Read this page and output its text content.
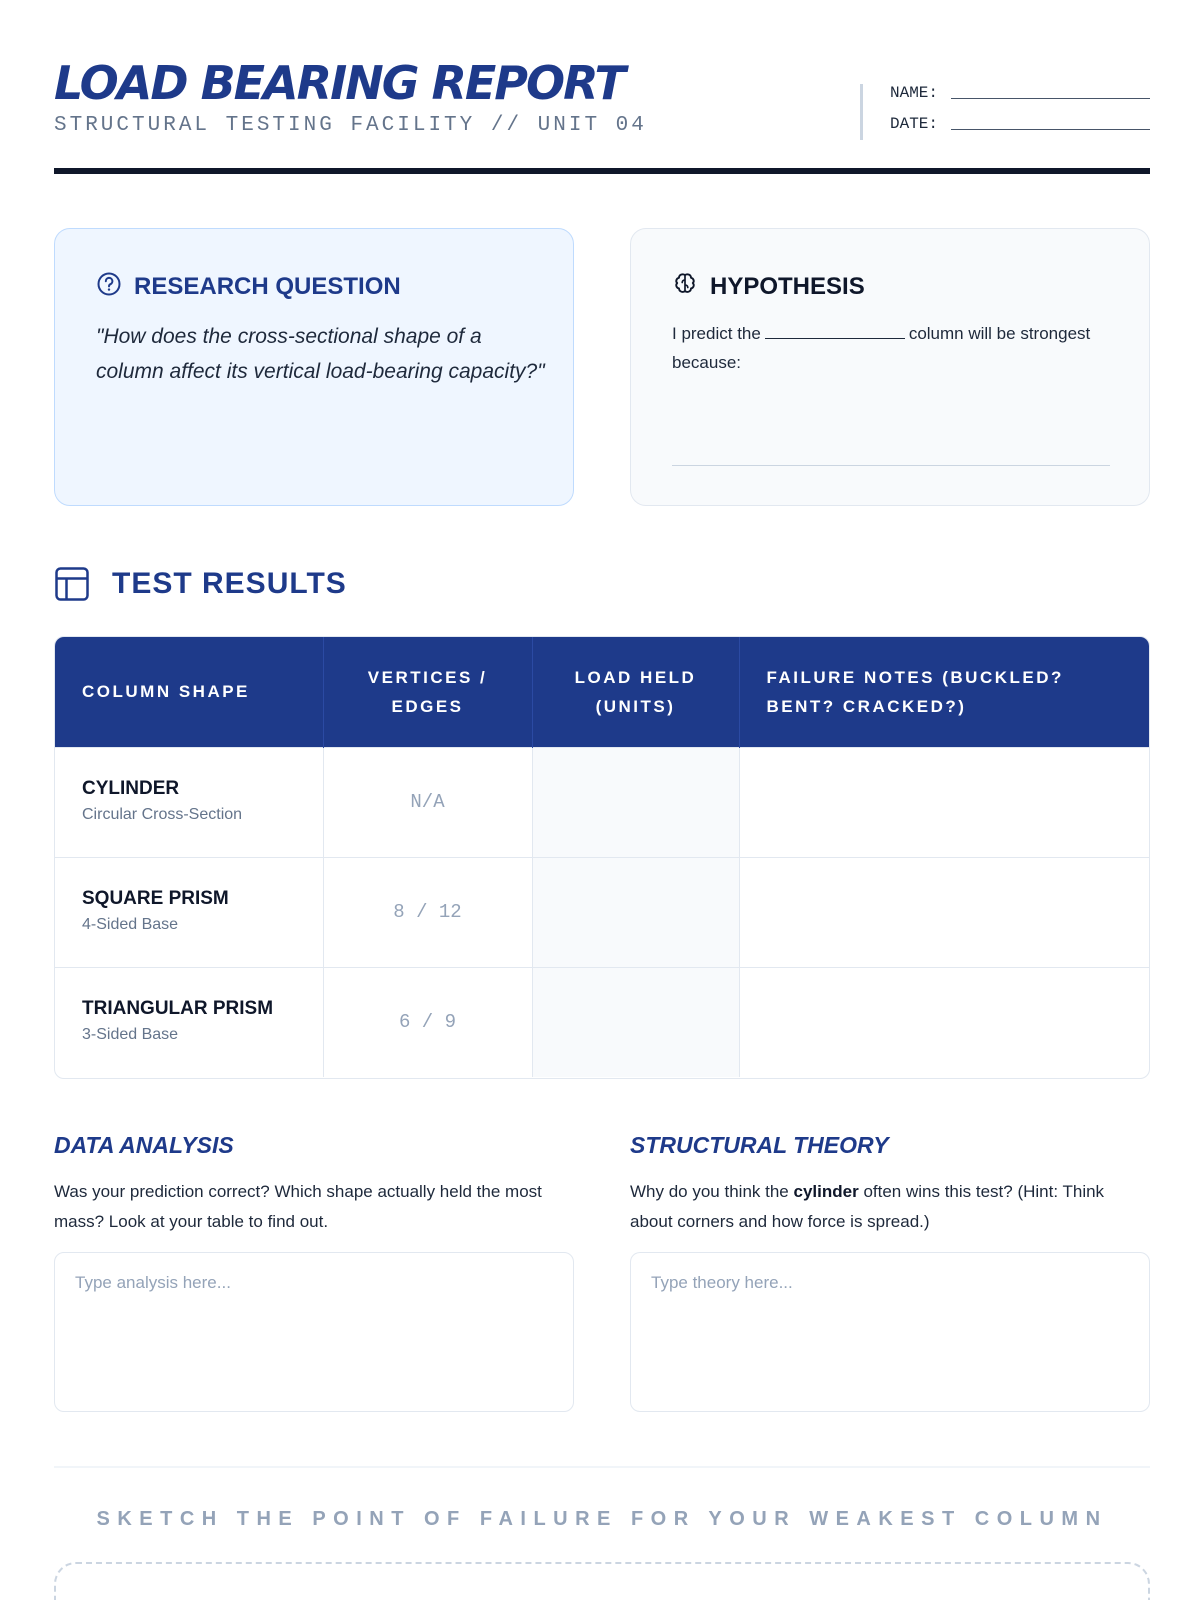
LOAD BEARING REPORT
STRUCTURAL TESTING FACILITY // UNIT 04
NAME:
DATE:
RESEARCH QUESTION
"How does the cross-sectional shape of a column affect its vertical load-bearing capacity?"
HYPOTHESIS
I predict the	column will be strongest because:
TEST RESULTS
COLUMN SHAPE	VERTICES / EDGES	LOAD HELD (UNITS)	FAILURE NOTES (BUCKLED? BENT? CRACKED?)

CYLINDER
Circular Cross-Section	N/A		

SQUARE PRISM
4-Sided Base	8 / 12		

TRIANGULAR PRISM
3-Sided Base	6 / 9		
DATA ANALYSIS
Was your prediction correct? Which shape actually held the most mass? Look at your table to find out.
Type analysis here...
STRUCTURAL THEORY
Why do you think the cylinder often wins this test? (Hint: Think about corners and how force is spread.)
Type theory here...
SKETCH THE POINT OF FAILURE FOR YOUR WEAKEST COLUMN
